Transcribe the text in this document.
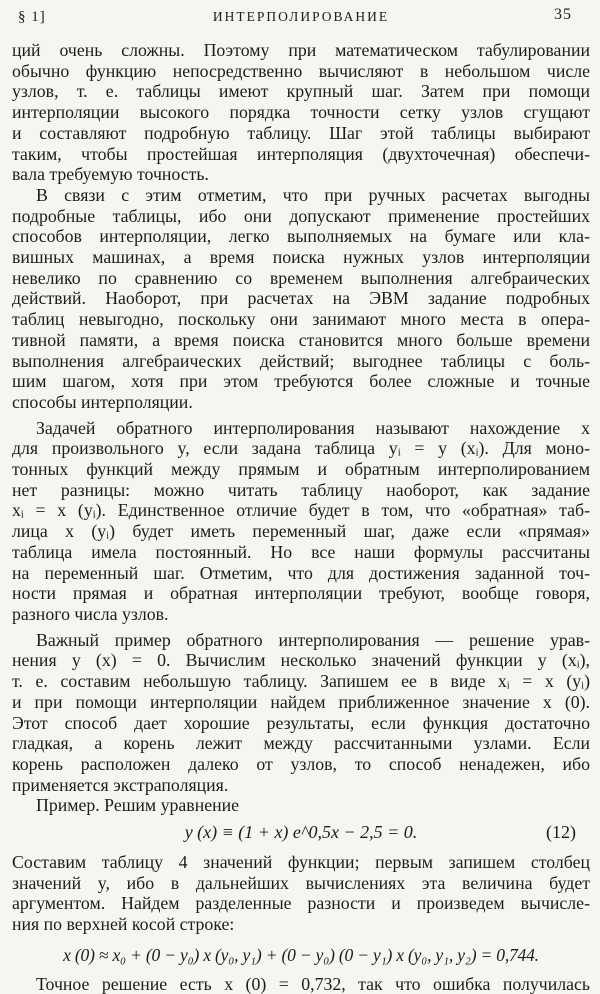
§ 1]	ИНТЕРПОЛИРОВАНИЕ	35
ций очень сложны. Поэтому при математическом табулировании
обычно функцию непосредственно вычисляют в небольшом числе
узлов, т. е. таблицы имеют крупный шаг. Затем при помощи
интерполяции высокого порядка точности сетку узлов сгущают
и составляют подробную таблицу. Шаг этой таблицы выбирают
таким, чтобы простейшая интерполяция (двухточечная) обеспечи-
вала требуемую точность.
В связи с этим отметим, что при ручных расчетах выгодны
подробные таблицы, ибо они допускают применение простейших
способов интерполяции, легко выполняемых на бумаге или кла-
вишных машинах, а время поиска нужных узлов интерполяции
невелико по сравнению со временем выполнения алгебраических
действий. Наоборот, при расчетах на ЭВМ задание подробных
таблиц невыгодно, поскольку они занимают много места в опера-
тивной памяти, а время поиска становится много больше времени
выполнения алгебраических действий; выгоднее таблицы с боль-
шим шагом, хотя при этом требуются более сложные и точные
способы интерполяции.
Задачей обратного интерполирования называют нахождение x
для произвольного y, если задана таблица yᵢ = y (xᵢ). Для моно-
тонных функций между прямым и обратным интерполированием
нет разницы: можно читать таблицу наоборот, как задание
xᵢ = x (yᵢ). Единственное отличие будет в том, что «обратная» таб-
лица x (yᵢ) будет иметь переменный шаг, даже если «прямая»
таблица имела постоянный. Но все наши формулы рассчитаны
на переменный шаг. Отметим, что для достижения заданной точ-
ности прямая и обратная интерполяции требуют, вообще говоря,
разного числа узлов.
Важный пример обратного интерполирования — решение урав-
нения y (x) = 0. Вычислим несколько значений функции y (xᵢ),
т. е. составим небольшую таблицу. Запишем ее в виде xᵢ = x (yᵢ)
и при помощи интерполяции найдем приближенное значение x (0).
Этот способ дает хорошие результаты, если функция достаточно
гладкая, а корень лежит между рассчитанными узлами. Если
корень расположен далеко от узлов, то способ ненадежен, ибо
применяется экстраполяция.
Пример. Решим уравнение
y (x) ≡ (1 + x) e^0,5x − 2,5 = 0.	(12)
Составим таблицу 4 значений функции; первым запишем столбец
значений y, ибо в дальнейших вычислениях эта величина будет
аргументом. Найдем разделенные разности и произведем вычисле-
ния по верхней косой строке:
x (0) ≈ x₀ + (0 − y₀) x (y₀, y₁) + (0 − y₀) (0 − y₁) x (y₀, y₁, y₂) = 0,744.
Точное решение есть x (0) = 0,732, так что ошибка получилась
